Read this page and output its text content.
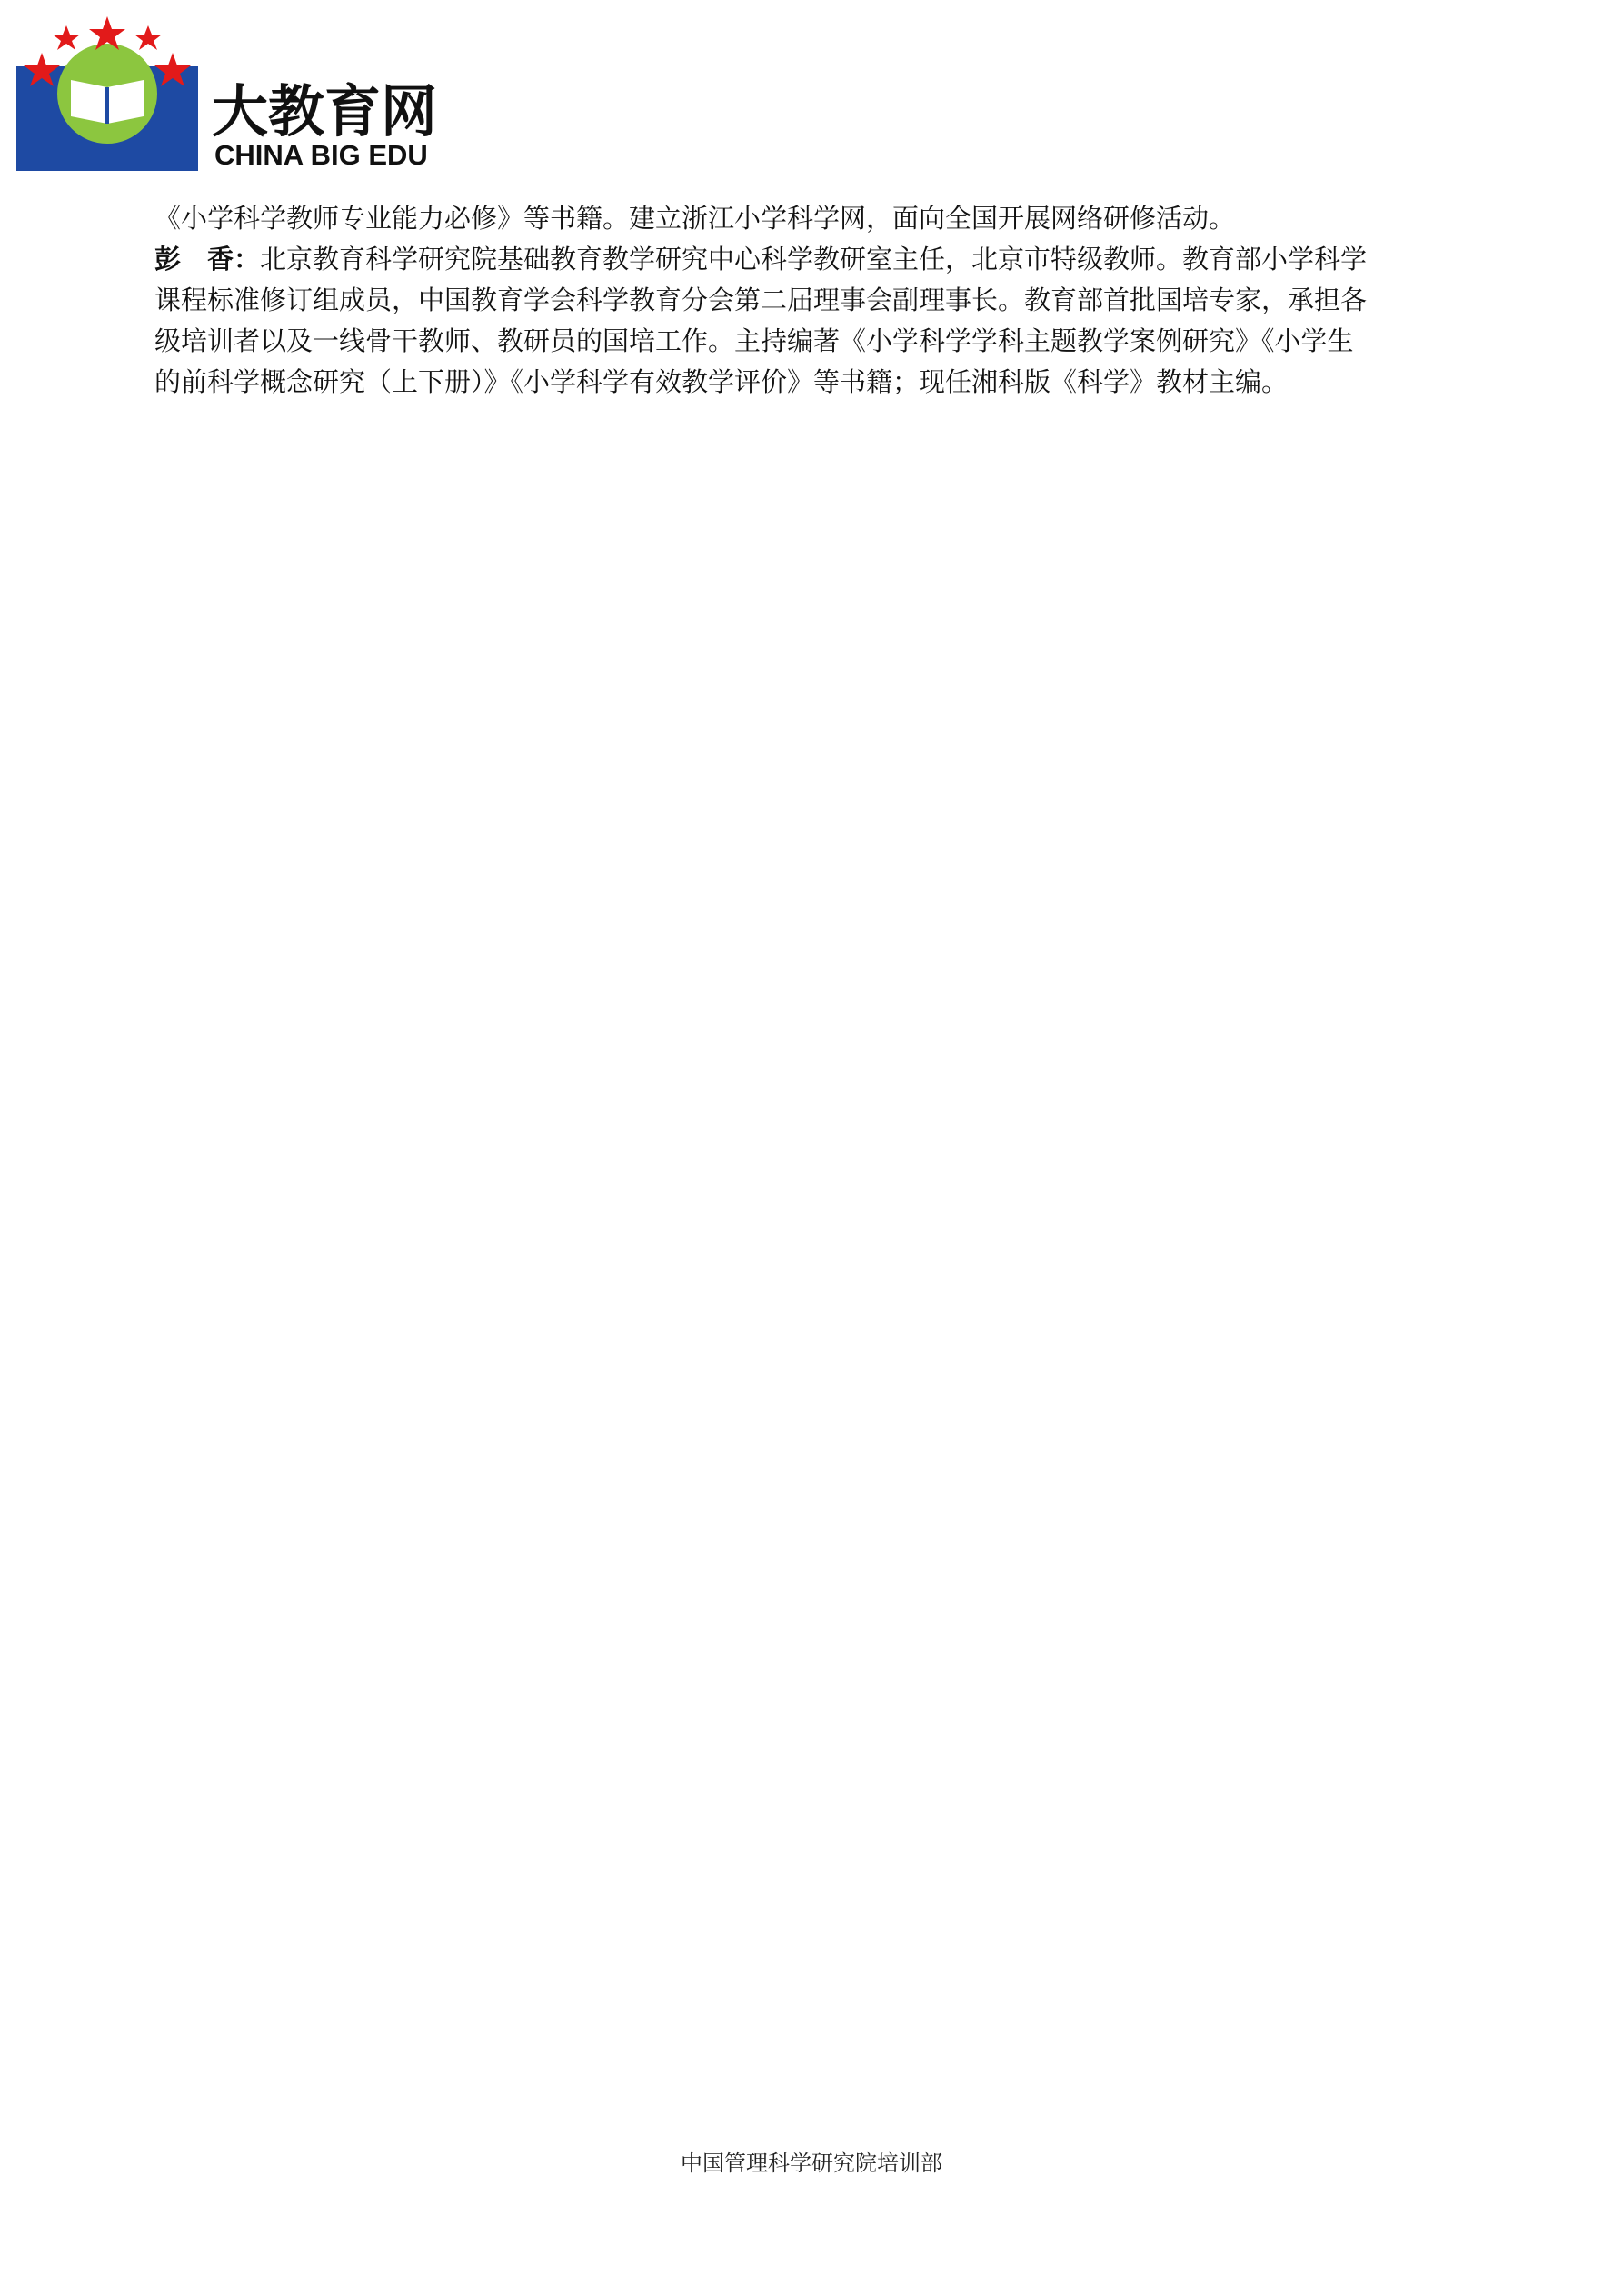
大教育网
CHINA BIG EDU

《小学科学教师专业能力必修》等书籍。建立浙江小学科学网，面向全国开展网络研修活动。

彭　香：北京教育科学研究院基础教育教学研究中心科学教研室主任，北京市特级教师。教育部小学科学

课程标准修订组成员，中国教育学会科学教育分会第二届理事会副理事长。教育部首批国培专家，承担各

级培训者以及一线骨干教师、教研员的国培工作。主持编著《小学科学学科主题教学案例研究》《小学生

的前科学概念研究（上下册）》《小学科学有效教学评价》等书籍；现任湘科版《科学》教材主编。

中国管理科学研究院培训部
